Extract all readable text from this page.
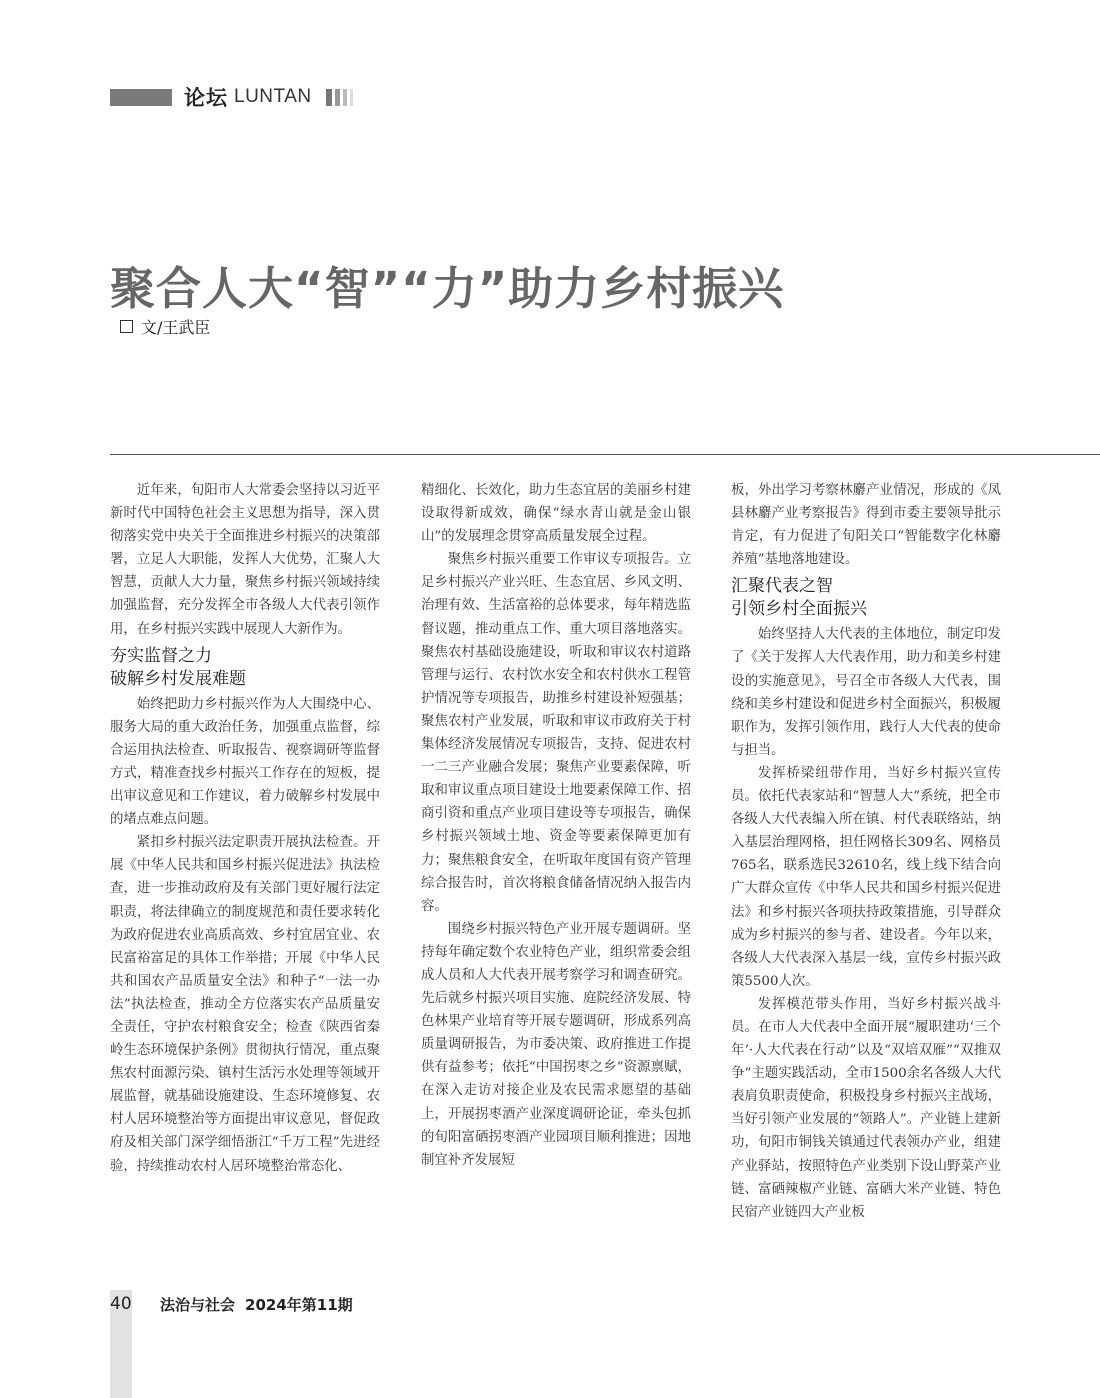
论坛 LUNTAN
聚合人大“智”“力”助力乡村振兴
文/王武臣

近年来，旬阳市人大常委会坚持以习近平新时代中国特色社会主义思想为指导，深入贯彻落实党中央关于全面推进乡村振兴的决策部署，立足人大职能，发挥人大优势，汇聚人大智慧，贡献人大力量，聚焦乡村振兴领域持续加强监督，充分发挥全市各级人大代表引领作用，在乡村振兴实践中展现人大新作为。

夯实监督之力
破解乡村发展难题

始终把助力乡村振兴作为人大围绕中心、服务大局的重大政治任务，加强重点监督，综合运用执法检查、听取报告、视察调研等监督方式，精准查找乡村振兴工作存在的短板，提出审议意见和工作建议，着力破解乡村发展中的堵点难点问题。

紧扣乡村振兴法定职责开展执法检查。开展《中华人民共和国乡村振兴促进法》执法检查，进一步推动政府及有关部门更好履行法定职责，将法律确立的制度规范和责任要求转化为政府促进农业高质高效、乡村宜居宜业、农民富裕富足的具体工作举措；开展《中华人民共和国农产品质量安全法》和种子“一法一办法”执法检查，推动全方位落实农产品质量安全责任，守护农村粮食安全；检查《陕西省秦岭生态环境保护条例》贯彻执行情况，重点聚焦农村面源污染、镇村生活污水处理等领域开展监督，就基础设施建设、生态环境修复、农村人居环境整治等方面提出审议意见，督促政府及相关部门深学细悟浙江“千万工程”先进经验，持续推动农村人居环境整治常态化、

精细化、长效化，助力生态宜居的美丽乡村建设取得新成效，确保“绿水青山就是金山银山”的发展理念贯穿高质量发展全过程。

聚焦乡村振兴重要工作审议专项报告。立足乡村振兴产业兴旺、生态宜居、乡风文明、治理有效、生活富裕的总体要求，每年精选监督议题，推动重点工作、重大项目落地落实。聚焦农村基础设施建设，听取和审议农村道路管理与运行、农村饮水安全和农村供水工程管护情况等专项报告，助推乡村建设补短强基；聚焦农村产业发展，听取和审议市政府关于村集体经济发展情况专项报告，支持、促进农村一二三产业融合发展；聚焦产业要素保障，听取和审议重点项目建设土地要素保障工作、招商引资和重点产业项目建设等专项报告，确保乡村振兴领域土地、资金等要素保障更加有力；聚焦粮食安全，在听取年度国有资产管理综合报告时，首次将粮食储备情况纳入报告内容。

围绕乡村振兴特色产业开展专题调研。坚持每年确定数个农业特色产业，组织常委会组成人员和人大代表开展考察学习和调查研究。先后就乡村振兴项目实施、庭院经济发展、特色林果产业培育等开展专题调研，形成系列高质量调研报告，为市委决策、政府推进工作提供有益参考；依托“中国拐枣之乡”资源禀赋，在深入走访对接企业及农民需求愿望的基础上，开展拐枣酒产业深度调研论证，牵头包抓的旬阳富硒拐枣酒产业园项目顺利推进；因地制宜补齐发展短

板，外出学习考察林麝产业情况，形成的《凤县林麝产业考察报告》得到市委主要领导批示肯定，有力促进了旬阳关口“智能数字化林麝养殖”基地落地建设。

汇聚代表之智
引领乡村全面振兴

始终坚持人大代表的主体地位，制定印发了《关于发挥人大代表作用，助力和美乡村建设的实施意见》，号召全市各级人大代表，围绕和美乡村建设和促进乡村全面振兴，积极履职作为，发挥引领作用，践行人大代表的使命与担当。

发挥桥梁纽带作用，当好乡村振兴宣传员。依托代表家站和“智慧人大”系统，把全市各级人大代表编入所在镇、村代表联络站，纳入基层治理网格，担任网格长309名、网格员765名，联系选民32610名，线上线下结合向广大群众宣传《中华人民共和国乡村振兴促进法》和乡村振兴各项扶持政策措施，引导群众成为乡村振兴的参与者、建设者。今年以来，各级人大代表深入基层一线，宣传乡村振兴政策5500人次。

发挥模范带头作用，当好乡村振兴战斗员。在市人大代表中全面开展“履职建功‘三个年’·人大代表在行动”以及“双培双雁”“双推双争”主题实践活动，全市1500余名各级人大代表肩负职责使命，积极投身乡村振兴主战场，当好引领产业发展的“领路人”。产业链上建新功，旬阳市铜钱关镇通过代表领办产业，组建产业驿站，按照特色产业类别下设山野菜产业链、富硒辣椒产业链、富硒大米产业链、特色民宿产业链四大产业板

40 法治与社会 2024年第11期
